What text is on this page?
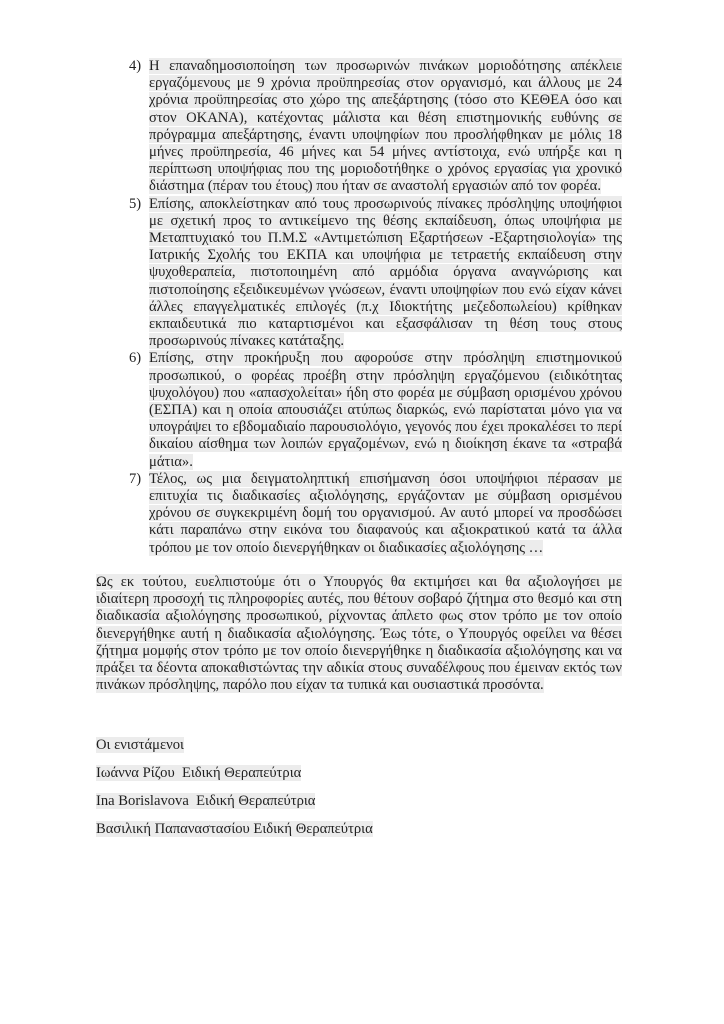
4) Η επαναδημοσιοποίηση των προσωρινών πινάκων μοριοδότησης απέκλειε εργαζόμενους με 9 χρόνια προϋπηρεσίας στον οργανισμό, και άλλους με 24 χρόνια προϋπηρεσίας στο χώρο της απεξάρτησης (τόσο στο ΚΕΘΕΑ όσο και στον ΟΚΑΝΑ), κατέχοντας μάλιστα και θέση επιστημονικής ευθύνης σε πρόγραμμα απεξάρτησης, έναντι υποψηφίων που προσλήφθηκαν με μόλις 18 μήνες προϋπηρεσία, 46 μήνες και 54 μήνες αντίστοιχα, ενώ υπήρξε και η περίπτωση υποψήφιας που της μοριοδοτήθηκε ο χρόνος εργασίας για χρονικό διάστημα (πέραν του έτους) που ήταν σε αναστολή εργασιών από τον φορέα.
5) Επίσης, αποκλείστηκαν από τους προσωρινούς πίνακες πρόσληψης υποψήφιοι με σχετική προς το αντικείμενο της θέσης εκπαίδευση, όπως υποψήφια με Μεταπτυχιακό του Π.Μ.Σ «Αντιμετώπιση Εξαρτήσεων -Εξαρτησιολογία» της Ιατρικής Σχολής του ΕΚΠΑ και υποψήφια με τετραετής εκπαίδευση στην ψυχοθεραπεία, πιστοποιημένη από αρμόδια όργανα αναγνώρισης και πιστοποίησης εξειδικευμένων γνώσεων, έναντι υποψηφίων που ενώ είχαν κάνει άλλες επαγγελματικές επιλογές (π.χ Ιδιοκτήτης μεζεδοπωλείου) κρίθηκαν εκπαιδευτικά πιο καταρτισμένοι και εξασφάλισαν τη θέση τους στους προσωρινούς πίνακες κατάταξης.
6) Επίσης, στην προκήρυξη που αφορούσε στην πρόσληψη επιστημονικού προσωπικού, ο φορέας προέβη στην πρόσληψη εργαζόμενου (ειδικότητας ψυχολόγου) που «απασχολείται» ήδη στο φορέα με σύμβαση ορισμένου χρόνου (ΕΣΠΑ) και η οποία απουσιάζει ατύπως διαρκώς, ενώ παρίσταται μόνο για να υπογράψει το εβδομαδιαίο παρουσιολόγιο, γεγονός που έχει προκαλέσει το περί δικαίου αίσθημα των λοιπών εργαζομένων, ενώ η διοίκηση έκανε τα «στραβά μάτια».
7) Τέλος, ως μια δειγματοληπτική επισήμανση όσοι υποψήφιοι πέρασαν με επιτυχία τις διαδικασίες αξιολόγησης, εργάζονταν με σύμβαση ορισμένου χρόνου σε συγκεκριμένη δομή του οργανισμού. Αν αυτό μπορεί να προσδώσει κάτι παραπάνω στην εικόνα του διαφανούς και αξιοκρατικού κατά τα άλλα τρόπου με τον οποίο διενεργήθηκαν οι διαδικασίες αξιολόγησης …

Ως εκ τούτου, ευελπιστούμε ότι ο Υπουργός θα εκτιμήσει και θα αξιολογήσει με ιδιαίτερη προσοχή τις πληροφορίες αυτές, που θέτουν σοβαρό ζήτημα στο θεσμό και στη διαδικασία αξιολόγησης προσωπικού, ρίχνοντας άπλετο φως στον τρόπο με τον οποίο διενεργήθηκε αυτή η διαδικασία αξιολόγησης. Έως τότε, ο Υπουργός οφείλει να θέσει ζήτημα μομφής στον τρόπο με τον οποίο διενεργήθηκε η διαδικασία αξιολόγησης και να πράξει τα δέοντα αποκαθιστώντας την αδικία στους συναδέλφους που έμειναν εκτός των πινάκων πρόσληψης, παρόλο που είχαν τα τυπικά και ουσιαστικά προσόντα.

Οι ενιστάμενοι

Ιωάννα Ρίζου  Ειδική Θεραπεύτρια

Ina Borislavova  Ειδική Θεραπεύτρια

Βασιλική Παπαναστασίου Ειδική Θεραπεύτρια
